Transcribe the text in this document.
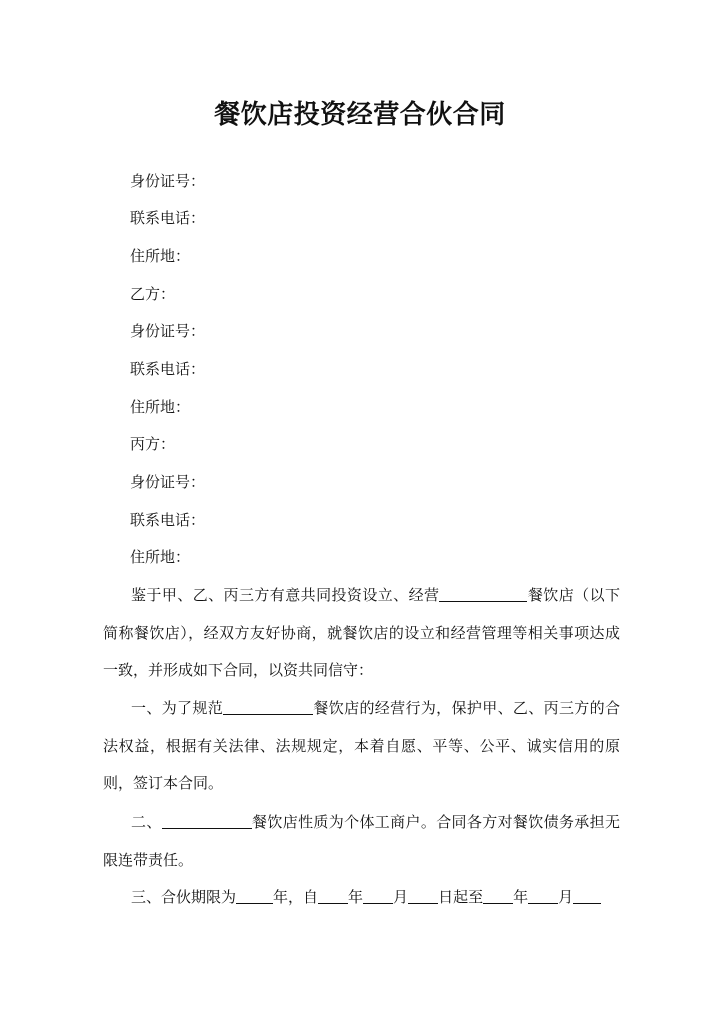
餐饮店投资经营合伙合同
身份证号：
联系电话：
住所地：
乙方：
身份证号：
联系电话：
住所地：
丙方：
身份证号：
联系电话：
住所地：
鉴于甲、乙、丙三方有意共同投资设立、经营	餐饮店（以下简称餐饮店），经双方友好协商，就餐饮店的设立和经营管理等相关事项达成一致，并形成如下合同，以资共同信守：
一、为了规范	餐饮店的经营行为，保护甲、乙、丙三方的合法权益，根据有关法律、法规规定，本着自愿、平等、公平、诚实信用的原则，签订本合同。
二、	餐饮店性质为个体工商户。合同各方对餐饮债务承担无限连带责任。
三、合伙期限为 年，自 年 月 日起至 年 月
